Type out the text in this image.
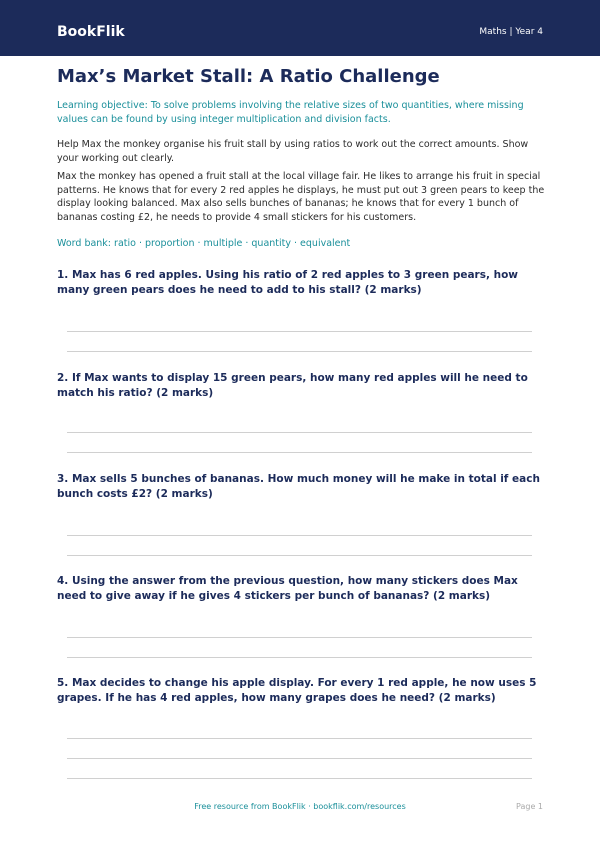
BookFlik	Maths | Year 4
Max’s Market Stall: A Ratio Challenge

Learning objective: To solve problems involving the relative sizes of two quantities, where missing values can be found by using integer multiplication and division facts.

Help Max the monkey organise his fruit stall by using ratios to work out the correct amounts. Show your working out clearly.

Max the monkey has opened a fruit stall at the local village fair. He likes to arrange his fruit in special patterns. He knows that for every 2 red apples he displays, he must put out 3 green pears to keep the display looking balanced. Max also sells bunches of bananas; he knows that for every 1 bunch of bananas costing £2, he needs to provide 4 small stickers for his customers.

Word bank: ratio · proportion · multiple · quantity · equivalent

1. Max has 6 red apples. Using his ratio of 2 red apples to 3 green pears, how many green pears does he need to add to his stall? (2 marks)

2. If Max wants to display 15 green pears, how many red apples will he need to match his ratio? (2 marks)

3. Max sells 5 bunches of bananas. How much money will he make in total if each bunch costs £2? (2 marks)

4. Using the answer from the previous question, how many stickers does Max need to give away if he gives 4 stickers per bunch of bananas? (2 marks)

5. Max decides to change his apple display. For every 1 red apple, he now uses 5 grapes. If he has 4 red apples, how many grapes does he need? (2 marks)

Free resource from BookFlik · bookflik.com/resources	Page 1
